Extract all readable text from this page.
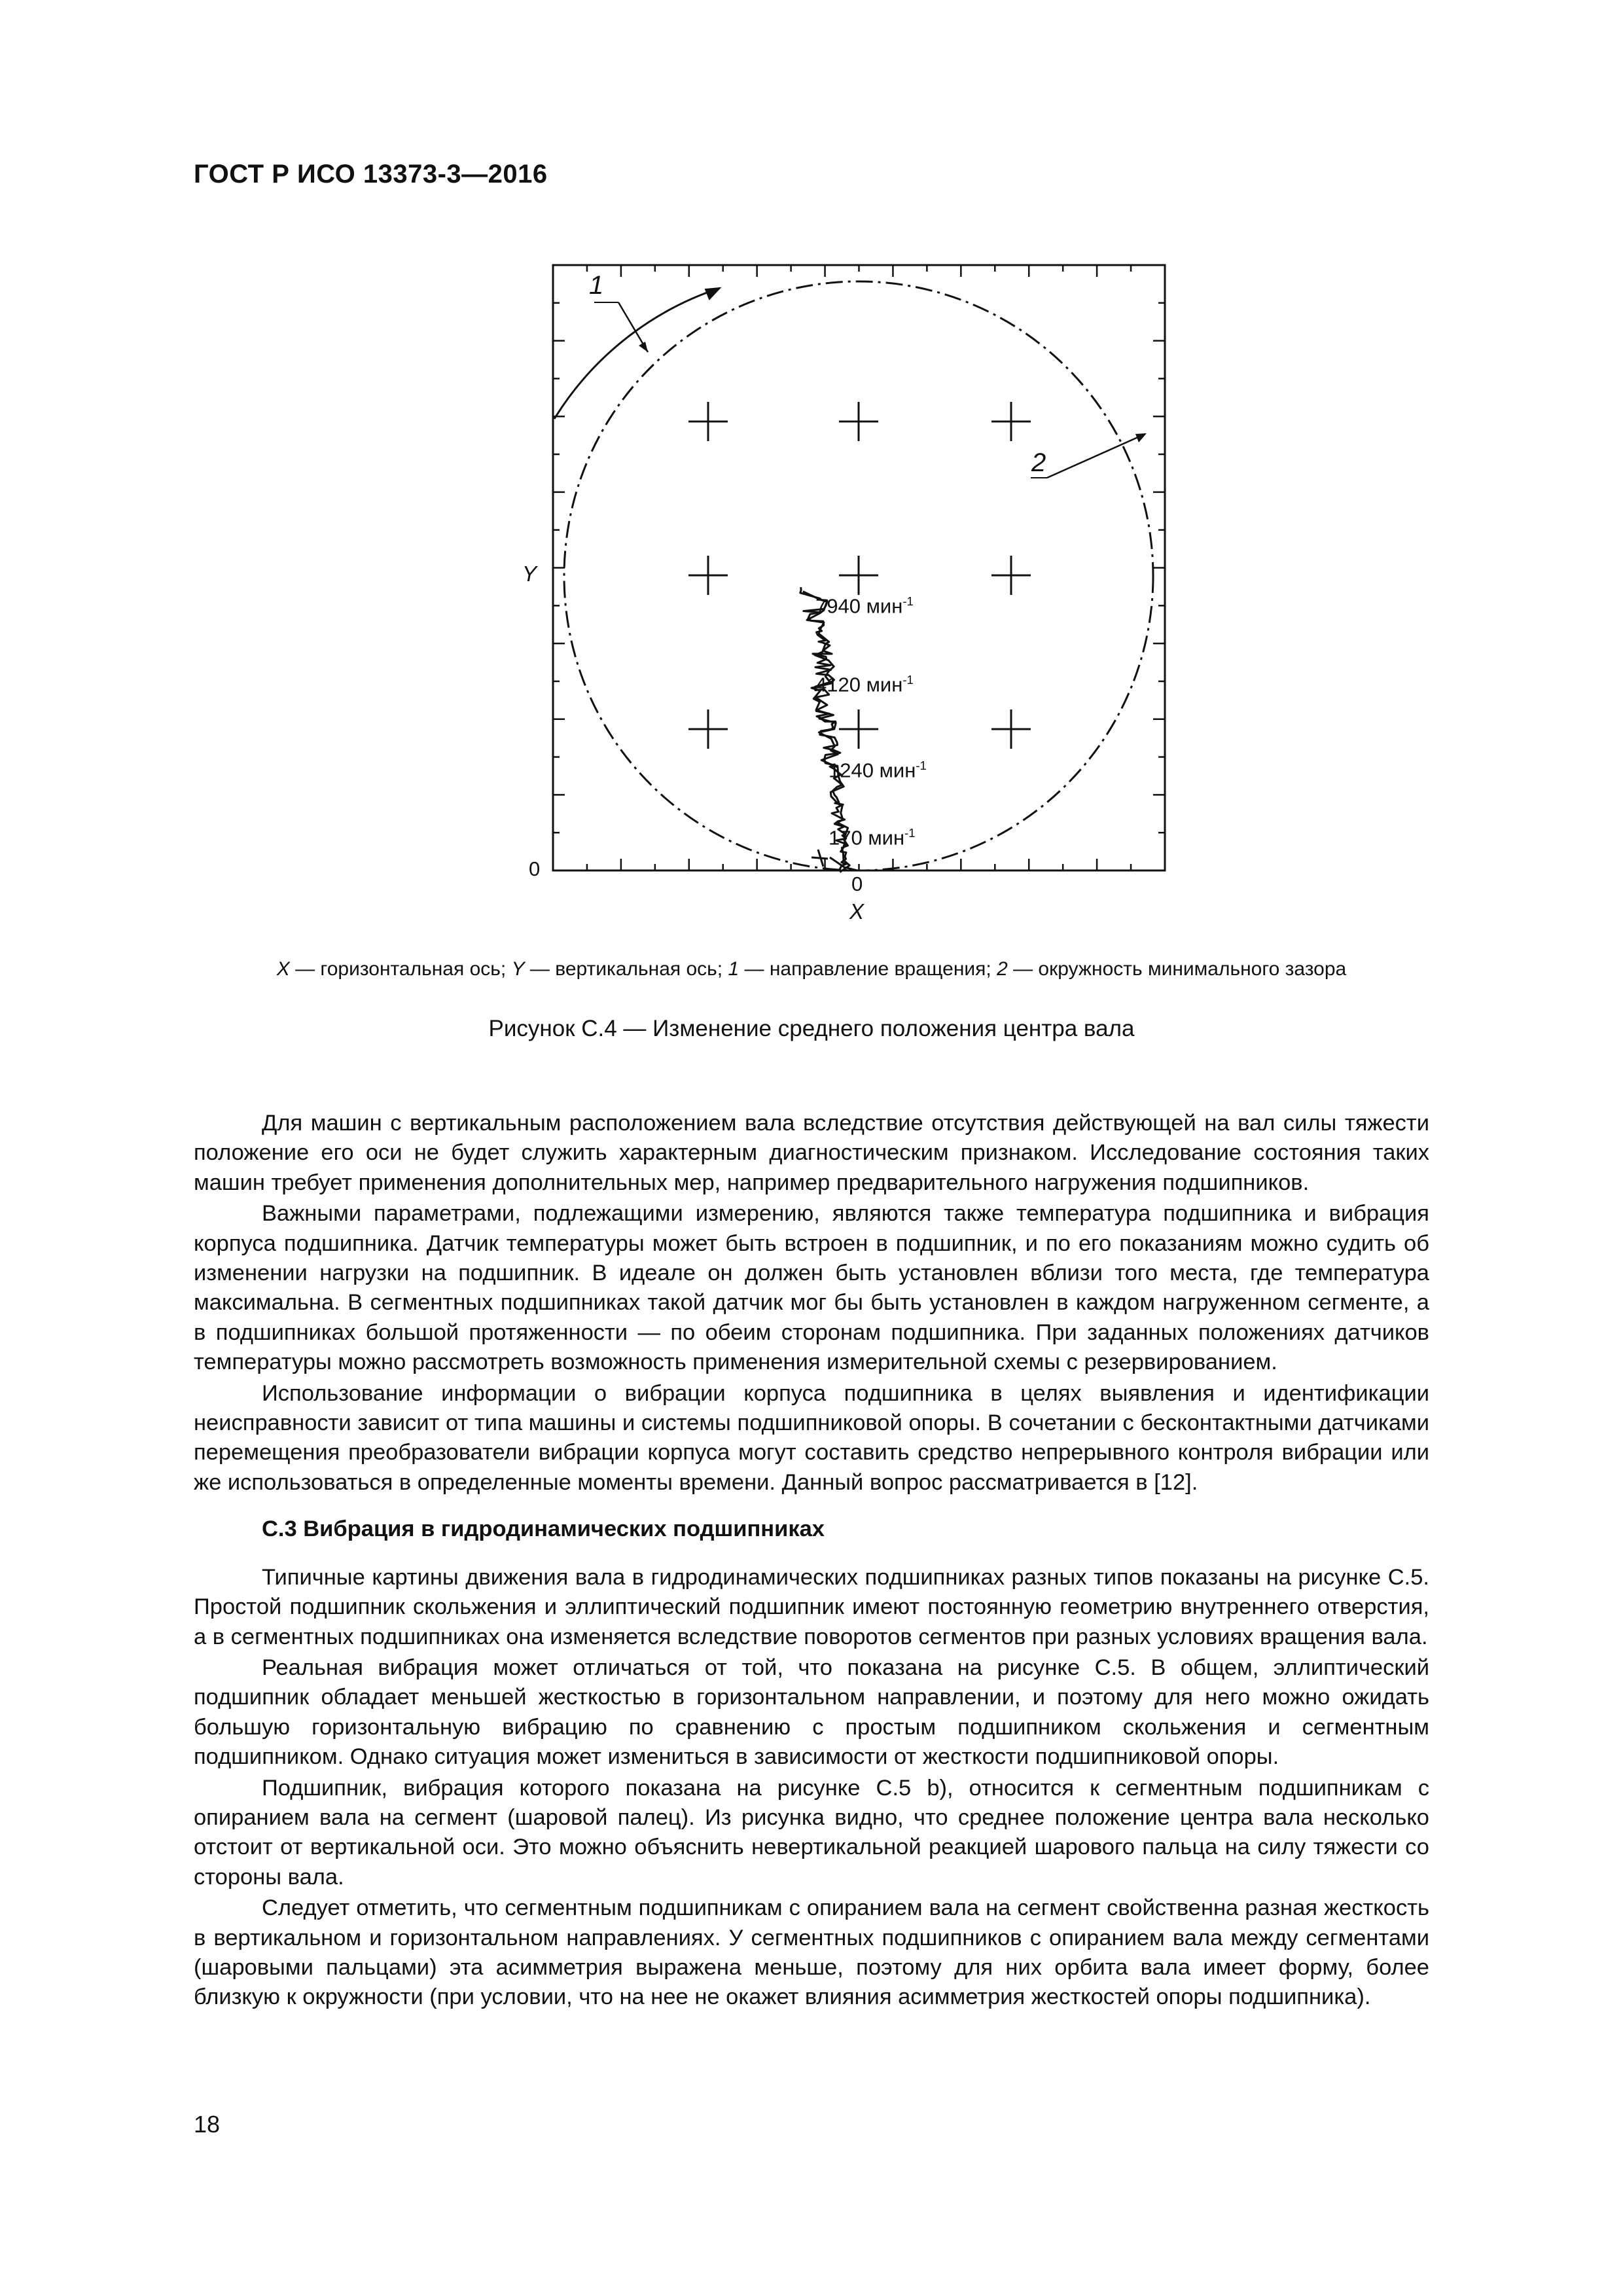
ГОСТ Р ИСО 13373-3—2016
1
2
Y
0
0
X
7940 мин$^{-1}$
4120 мин$^{-1}$
1240 мин$^{-1}$
170 мин$^{-1}$
X — горизонтальная ось; Y — вертикальная ось; 1 — направление вращения; 2 — окружность минимального зазора
Рисунок С.4 — Изменение среднего положения центра вала

Для машин с вертикальным расположением вала вследствие отсутствия действующей на вал силы тяжести положение его оси не будет служить характерным диагностическим признаком. Исследование состояния таких машин требует применения дополнительных мер, например предварительного нагружения подшипников.

Важными параметрами, подлежащими измерению, являются также температура подшипника и вибрация корпуса подшипника. Датчик температуры может быть встроен в подшипник, и по его показаниям можно судить об изменении нагрузки на подшипник. В идеале он должен быть установлен вблизи того места, где температура максимальна. В сегментных подшипниках такой датчик мог бы быть установлен в каждом нагруженном сегменте, а в подшипниках большой протяженности — по обеим сторонам подшипника. При заданных положениях датчиков температуры можно рассмотреть возможность применения измерительной схемы с резервированием.

Использование информации о вибрации корпуса подшипника в целях выявления и идентификации неисправности зависит от типа машины и системы подшипниковой опоры. В сочетании с бесконтактными датчиками перемещения преобразователи вибрации корпуса могут составить средство непрерывного контроля вибрации или же использоваться в определенные моменты времени. Данный вопрос рассматривается в [12].

С.3 Вибрация в гидродинамических подшипниках

Типичные картины движения вала в гидродинамических подшипниках разных типов показаны на рисунке С.5. Простой подшипник скольжения и эллиптический подшипник имеют постоянную геометрию внутреннего отверстия, а в сегментных подшипниках она изменяется вследствие поворотов сегментов при разных условиях вращения вала.

Реальная вибрация может отличаться от той, что показана на рисунке С.5. В общем, эллиптический подшипник обладает меньшей жесткостью в горизонтальном направлении, и поэтому для него можно ожидать большую горизонтальную вибрацию по сравнению с простым подшипником скольжения и сегментным подшипником. Однако ситуация может измениться в зависимости от жесткости подшипниковой опоры.

Подшипник, вибрация которого показана на рисунке С.5 b), относится к сегментным подшипникам с опиранием вала на сегмент (шаровой палец). Из рисунка видно, что среднее положение центра вала несколько отстоит от вертикальной оси. Это можно объяснить невертикальной реакцией шарового пальца на силу тяжести со стороны вала.

Следует отметить, что сегментным подшипникам с опиранием вала на сегмент свойственна разная жесткость в вертикальном и горизонтальном направлениях. У сегментных подшипников с опиранием вала между сегментами (шаровыми пальцами) эта асимметрия выражена меньше, поэтому для них орбита вала имеет форму, более близкую к окружности (при условии, что на нее не окажет влияния асимметрия жесткостей опоры подшипника).

18
